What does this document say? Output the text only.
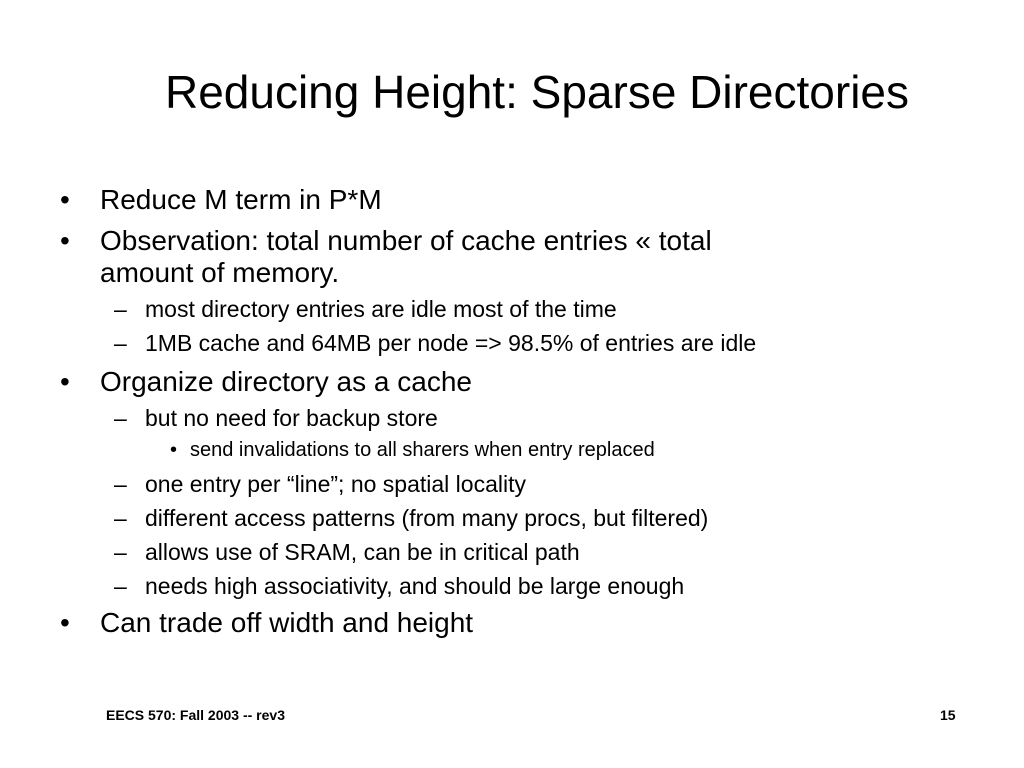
Reducing Height: Sparse Directories
• Reduce M term in P*M
• Observation: total number of cache entries « total
amount of memory.
– most directory entries are idle most of the time
– 1MB cache and 64MB per node => 98.5% of entries are idle
• Organize directory as a cache
– but no need for backup store
• send invalidations to all sharers when entry replaced
– one entry per “line”; no spatial locality
– different access patterns (from many procs, but filtered)
– allows use of SRAM, can be in critical path
– needs high associativity, and should be large enough
• Can trade off width and height
EECS 570: Fall 2003 -- rev3	15
